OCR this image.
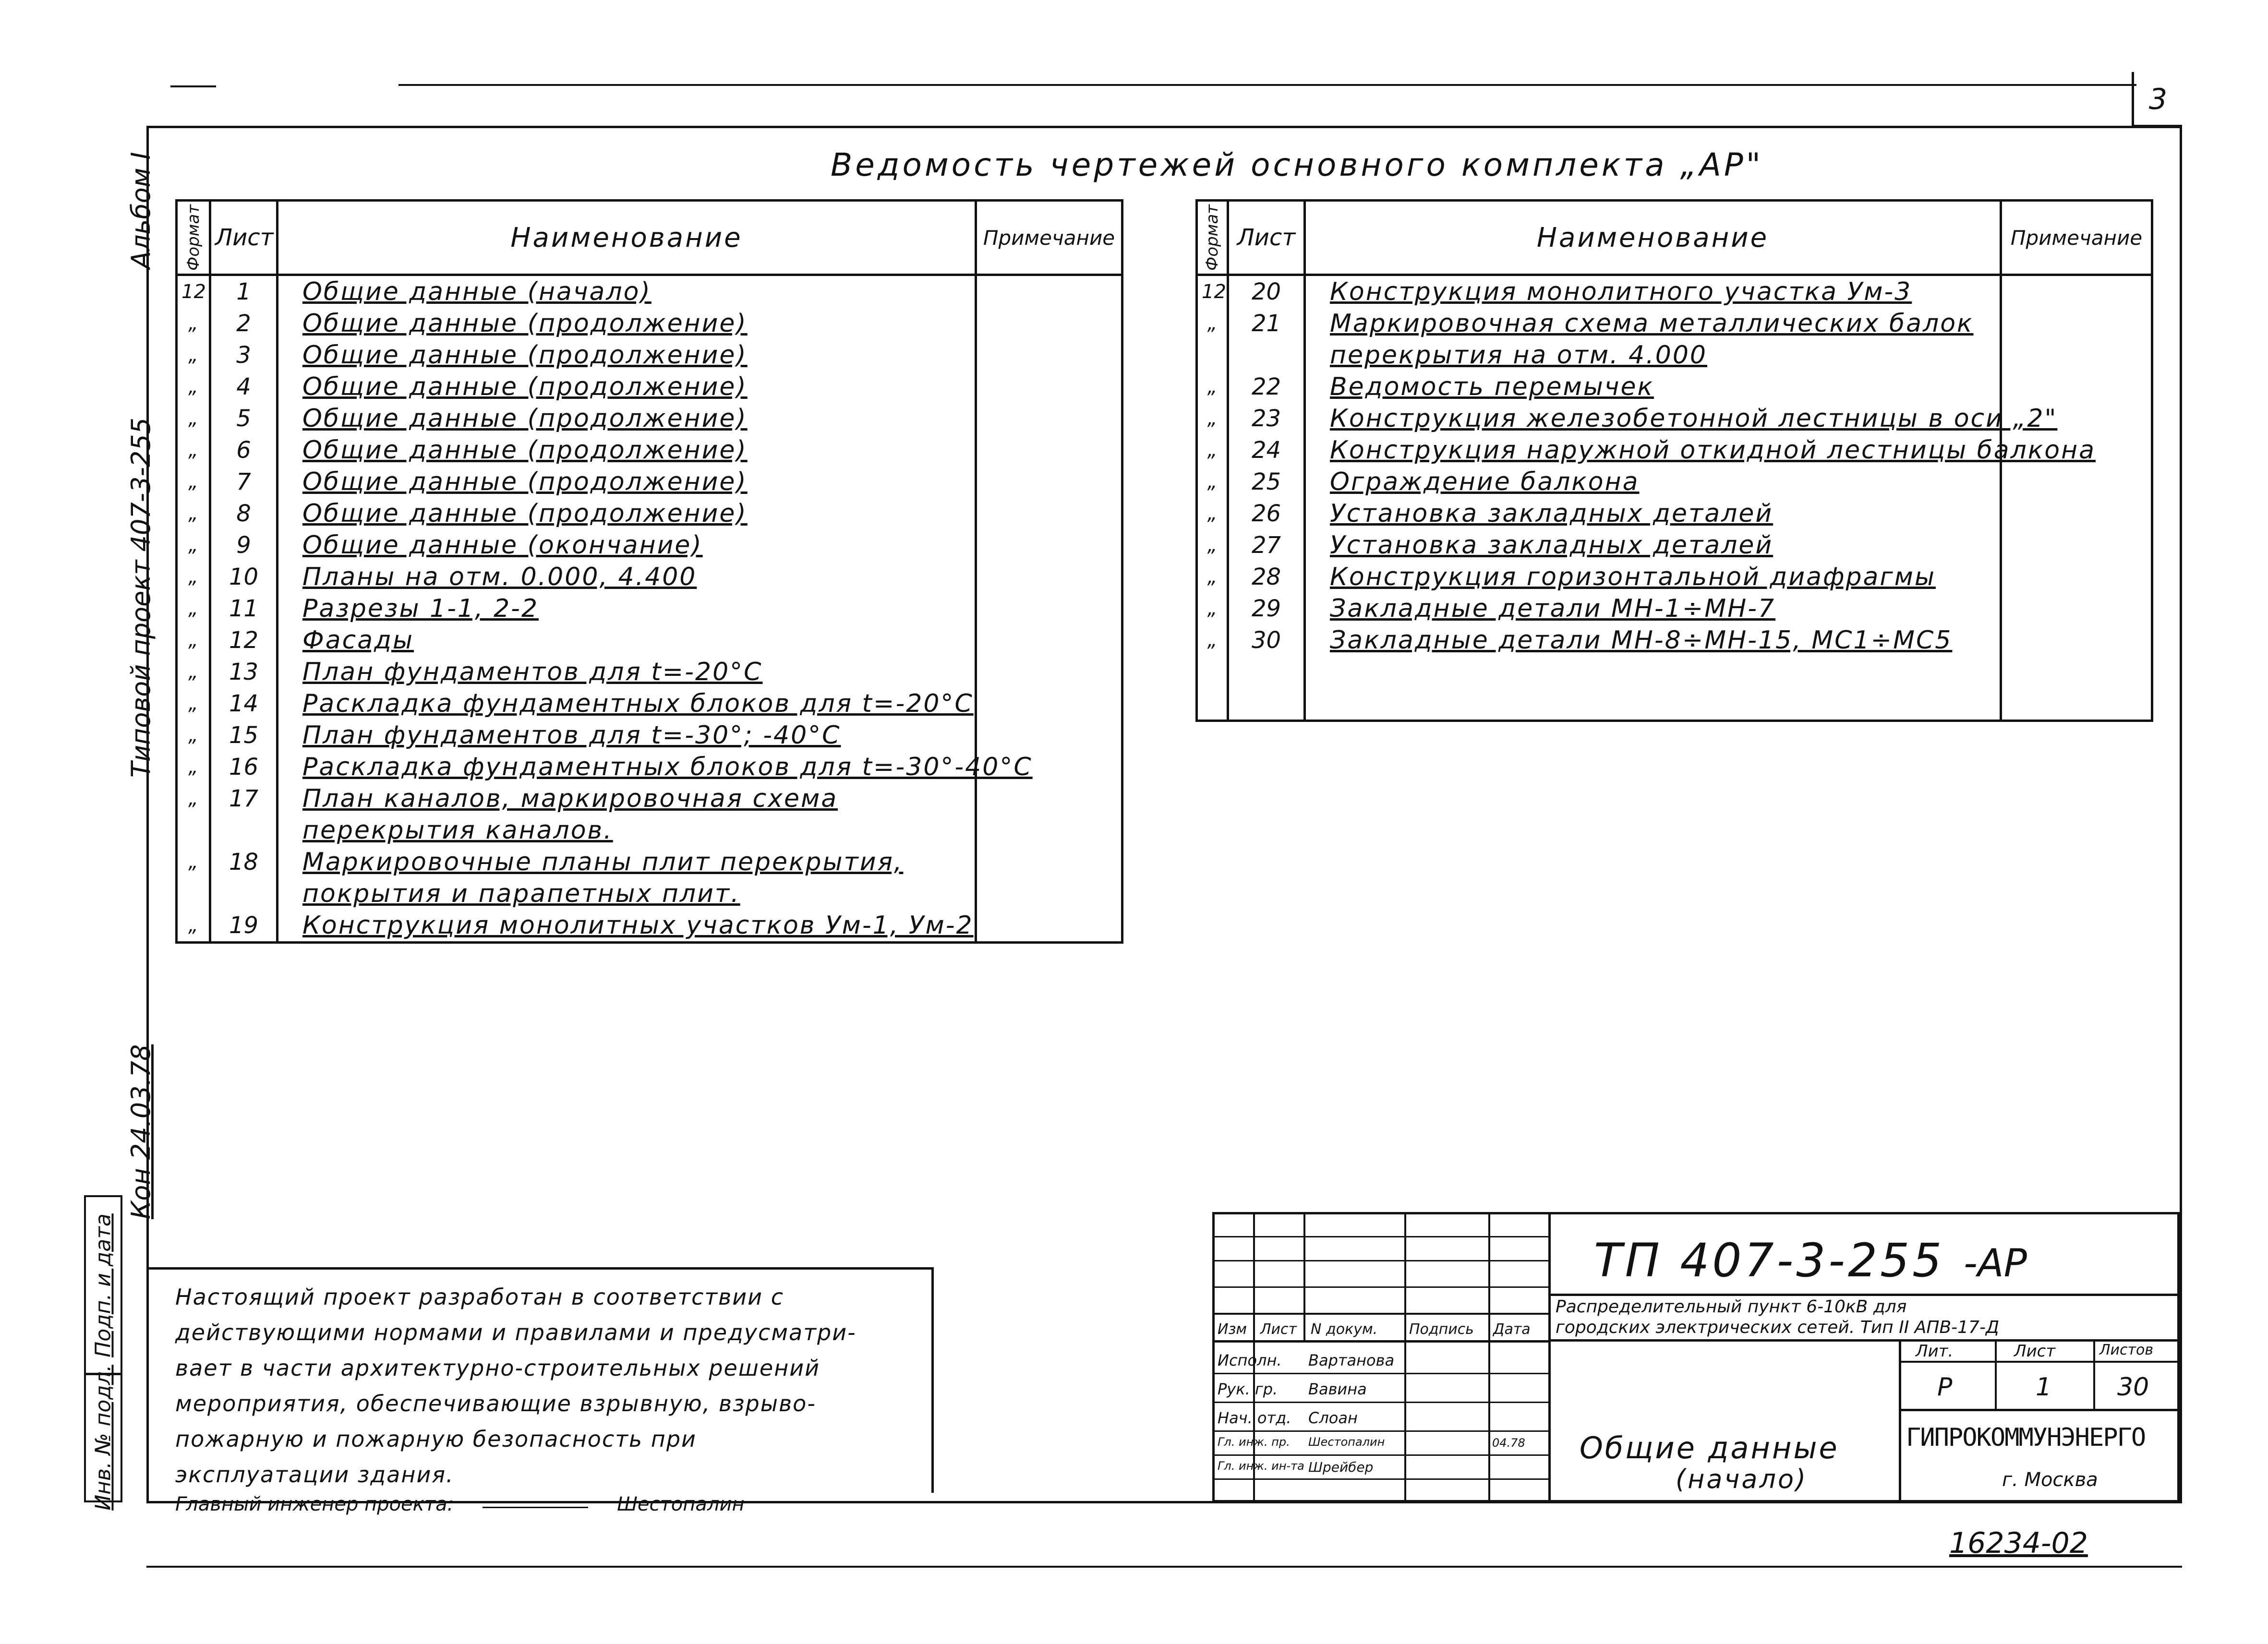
3
Альбом I
Типовой проект 407-3-255
Кон 24.03.78
Инв. № подл.
Подп. и дата
Ведомость чертежей основного комплекта „АР"
Формат	Лист	Наименование	Примечание
12	1	Общие данные (начало)	
„	2	Общие данные (продолжение)	
„	3	Общие данные (продолжение)	
„	4	Общие данные (продолжение)	
„	5	Общие данные (продолжение)	
„	6	Общие данные (продолжение)	
„	7	Общие данные (продолжение)	
„	8	Общие данные (продолжение)	
„	9	Общие данные (окончание)	
„	10	Планы на отм. 0.000, 4.400	
„	11	Разрезы 1-1, 2-2	
„	12	Фасады	
„	13	План фундаментов для t=-20°С	
„	14	Раскладка фундаментных блоков для t=-20°С	
„	15	План фундаментов для t=-30°; -40°С	
„	16	Раскладка фундаментных блоков для t=-30°-40°С	
„	17	План каналов, маркировочная схема	
		перекрытия каналов.	
„	18	Маркировочные планы плит перекрытия,	
		покрытия и парапетных плит.	
„	19	Конструкция монолитных участков Ум-1, Ум-2	
Формат	Лист	Наименование	Примечание
12	20	Конструкция монолитного участка Ум-3	
„	21	Маркировочная схема металлических балок	
		перекрытия на отм. 4.000	
„	22	Ведомость перемычек	
„	23	Конструкция железобетонной лестницы в оси „2"	
„	24	Конструкция наружной откидной лестницы балкона	
„	25	Ограждение балкона	
„	26	Установка закладных деталей	
„	27	Установка закладных деталей	
„	28	Конструкция горизонтальной диафрагмы	
„	29	Закладные детали МН-1÷МН-7	
„	30	Закладные детали МН-8÷МН-15, МС1÷МС5	

Настоящий проект разработан в соответствии с
действующими нормами и правилами и предусматри-
вает в части архитектурно-строительных решений
мероприятия, обеспечивающие взрывную, взрыво-
пожарную и пожарную безопасность при
эксплуатации здания.
Главный инженер проекта:	Шестопалин
Изм Лист N докум. Подпись Дата
Исполн. Вартанова
Рук. гр. Вавина
Нач. отд. Слоан
Гл. инж. пр. Шестопалин
Гл. инж. ин-та Шрейбер
04.78
ТП 407-3-255 -АР
Распределительный пункт 6-10кВ для
городских электрических сетей. Тип II АПВ-17-Д
Общие данные
(начало)
Лит.	Лист	Листов
Р	1	30
ГИПРОКОММУНЭНЕРГО
г. Москва
16234-02
